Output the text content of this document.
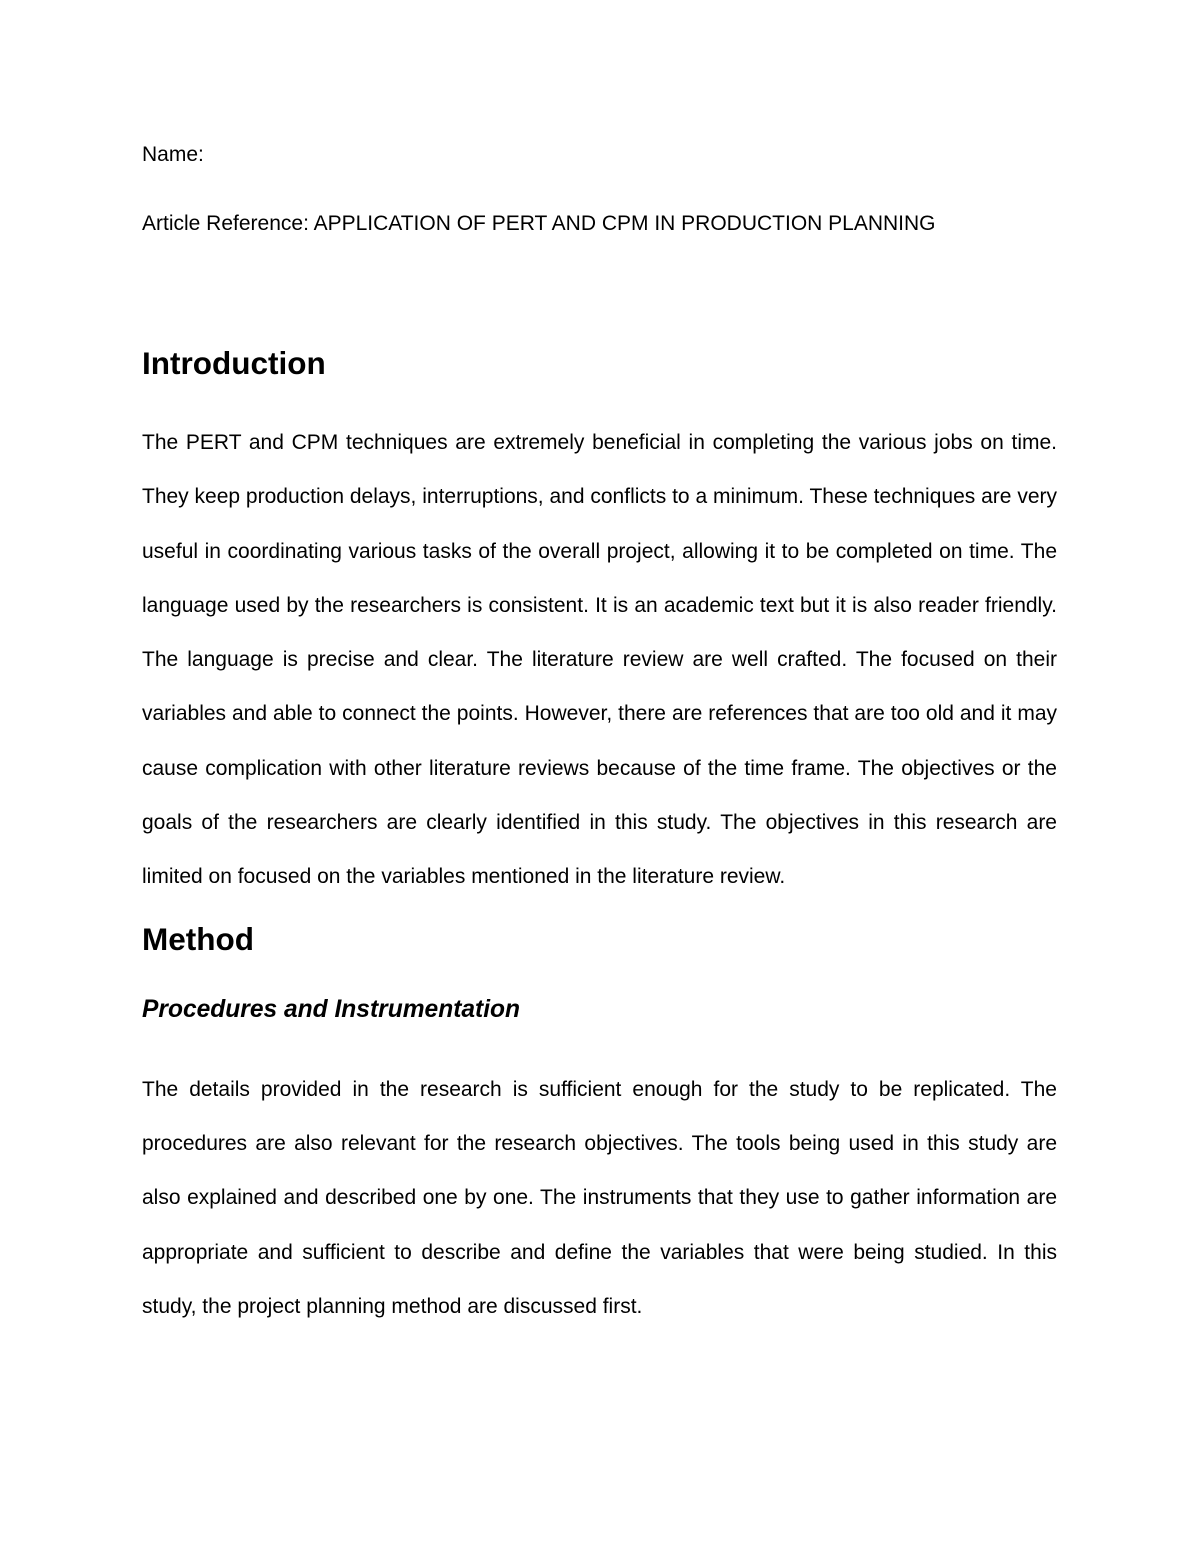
Name:

Article Reference: APPLICATION OF PERT AND CPM IN PRODUCTION PLANNING

Introduction

The PERT and CPM techniques are extremely beneficial in completing the various jobs on time. They keep production delays, interruptions, and conflicts to a minimum. These techniques are very useful in coordinating various tasks of the overall project, allowing it to be completed on time. The language used by the researchers is consistent. It is an academic text but it is also reader friendly. The language is precise and clear. The literature review are well crafted. The focused on their variables and able to connect the points. However, there are references that are too old and it may cause complication with other literature reviews because of the time frame. The objectives or the goals of the researchers are clearly identified in this study. The objectives in this research are limited on focused on the variables mentioned in the literature review.

Method
Procedures and Instrumentation

The details provided in the research is sufficient enough for the study to be replicated. The procedures are also relevant for the research objectives. The tools being used in this study are also explained and described one by one. The instruments that they use to gather information are appropriate and sufficient to describe and define the variables that were being studied. In this study, the project planning method are discussed first.
